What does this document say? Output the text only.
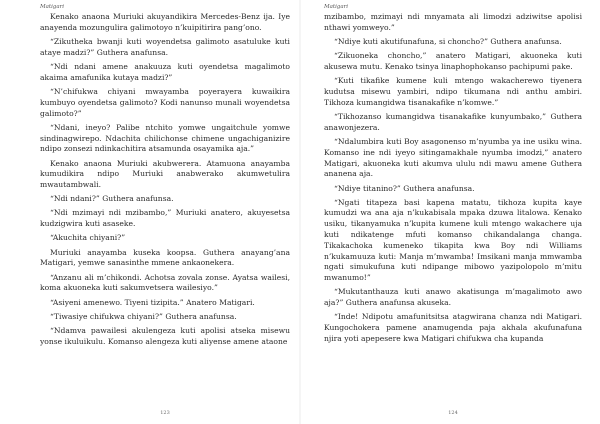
Matigari

Kenako anaona Muriuki akuyandikira Mercedes-Benz ija. Iye anayenda mozungulira galimotoyo n’kuipitirira pang’ono.

“Zikutheka bwanji kuti woyendetsa galimoto asatuluke kuti ataye madzi?” Guthera anafunsa.

“Ndi ndani amene anakuuza kuti oyendetsa magalimoto akaima amafunika kutaya madzi?”

“N’chifukwa chiyani mwayamba poyerayera kuwaikira kumbuyo oyendetsa galimoto? Kodi nanunso munali woyendetsa galimoto?”

“Ndani, ineyo? Palibe ntchito yomwe ungaitchule yomwe sindinagwirepo. Ndachita chilichonse chimene ungachiganizire ndipo zonsezi ndinkachitira atsamunda osayamika aja.”

Kenako anaona Muriuki akubwerera. Atamuona anayamba kumudikira ndipo Muriuki anabwerako akumwetulira mwautambwali.

“Ndi ndani?” Guthera anafunsa.

“Ndi mzimayi ndi mzibambo,” Muriuki anatero, akuyesetsa kudzigwira kuti asaseke.

“Akuchita chiyani?”

Muriuki anayamba kuseka koopsa. Guthera anayang’ana Matigari, yemwe sanasinthe mmene ankaonekera.

“Anzanu ali m’chikondi. Achotsa zovala zonse. Ayatsa wailesi, koma akuoneka kuti sakumvetsera wailesiyo.”

“Asiyeni amenewo. Tiyeni tizipita.” Anatero Matigari.

“Tiwasiye chifukwa chiyani?” Guthera anafunsa.

“Ndamva pawailesi akulengeza kuti apolisi atseka misewu yonse ikuluikulu. Komanso alengeza kuti aliyense amene ataone

123
Matigari

mzibambo, mzimayi ndi mnyamata ali limodzi adziwitse apolisi nthawi yomweyo.”

“Ndiye kuti akutifunafuna, si choncho?” Guthera anafunsa.

“Zikuoneka choncho,” anatero Matigari, akuoneka kuti akusewa mutu. Kenako tsinya linaphophokanso pachipumi pake.

“Kuti tikafike kumene kuli mtengo wakacherewo tiyenera kudutsa misewu yambiri, ndipo tikumana ndi anthu ambiri. Tikhoza kumangidwa tisanakafike n’komwe.”

“Tikhozanso kumangidwa tisanakafike kunyumbako,” Guthera anawonjezera.

“Ndalumbira kuti Boy asagonenso m’nyumba ya ine usiku wina. Komanso ine ndi iyeyo sitingamakhale nyumba imodzi,” anatero Matigari, akuoneka kuti akumva ululu ndi mawu amene Guthera ananena aja.

“Ndiye titanino?” Guthera anafunsa.

“Ngati titapeza basi kapena matatu, tikhoza kupita kaye kumudzi wa ana aja n’kukabisala mpaka dzuwa litalowa. Kenako usiku, tikanyamuka n’kupita kumene kuli mtengo wakachere uja kuti ndikatenge mfuti komanso chikandalanga changa. Tikakachoka kumeneko tikapita kwa Boy ndi Williams n’kukamuuza kuti: Manja m’mwamba! Imsikani manja mmwamba ngati simukufuna kuti ndipange mibowo yazipolopolo m’mitu mwanumo!”

“Mukutanthauza kuti anawo akatisunga m’magalimoto awo aja?” Guthera anafunsa akuseka.

“Inde! Ndipotu amafunitsitsa atagwirana chanza ndi Matigari. Kungochokera pamene anamugenda paja akhala akufunafuna njira yoti apepesere kwa Matigari chifukwa cha kupanda

124
